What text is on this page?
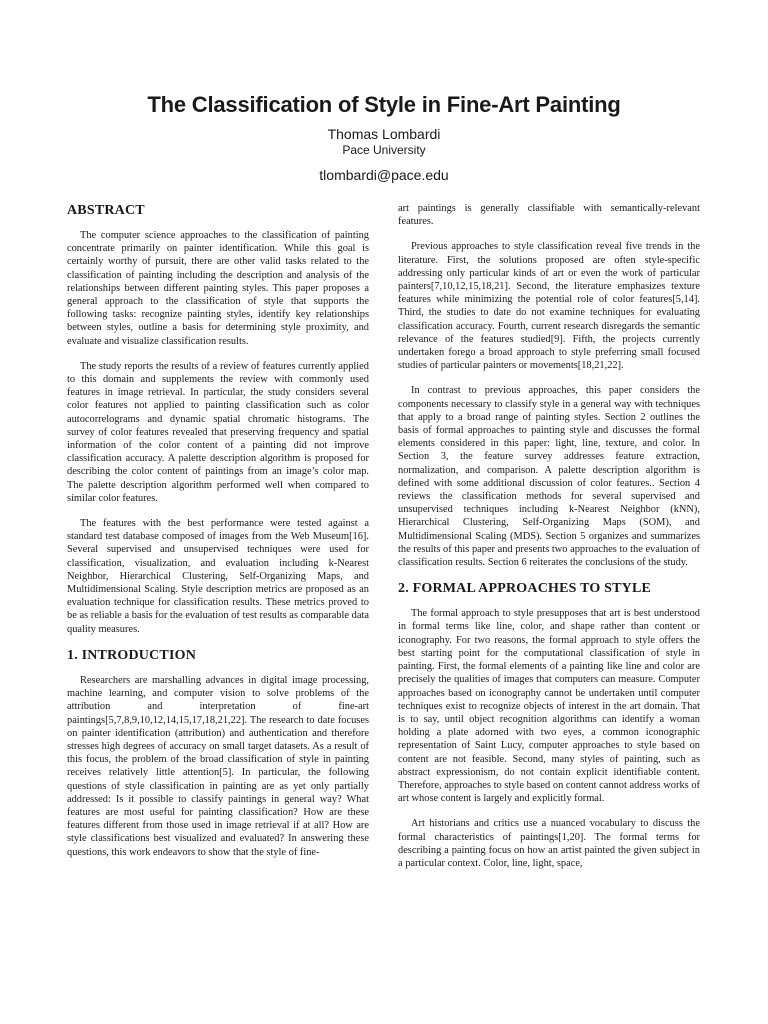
The Classification of Style in Fine-Art Painting
Thomas Lombardi
Pace University
tlombardi@pace.edu
ABSTRACT

The computer science approaches to the classification of painting concentrate primarily on painter identification. While this goal is certainly worthy of pursuit, there are other valid tasks related to the classification of painting including the description and analysis of the relationships between different painting styles. This paper proposes a general approach to the classification of style that supports the following tasks: recognize painting styles, identify key relationships between styles, outline a basis for determining style proximity, and evaluate and visualize classification results.

The study reports the results of a review of features currently applied to this domain and supplements the review with commonly used features in image retrieval. In particular, the study considers several color features not applied to painting classification such as color autocorrelograms and dynamic spatial chromatic histograms. The survey of color features revealed that preserving frequency and spatial information of the color content of a painting did not improve classification accuracy. A palette description algorithm is proposed for describing the color content of paintings from an image’s color map. The palette description algorithm performed well when compared to similar color features.

The features with the best performance were tested against a standard test database composed of images from the Web Museum[16]. Several supervised and unsupervised techniques were used for classification, visualization, and evaluation including k-Nearest Neighbor, Hierarchical Clustering, Self-Organizing Maps, and Multidimensional Scaling. Style description metrics are proposed as an evaluation technique for classification results. These metrics proved to be as reliable a basis for the evaluation of test results as comparable data quality measures.

1. INTRODUCTION

Researchers are marshalling advances in digital image processing, machine learning, and computer vision to solve problems of the attribution and interpretation of fine-art paintings[5,7,8,9,10,12,14,15,17,18,21,22]. The research to date focuses on painter identification (attribution) and authentication and therefore stresses high degrees of accuracy on small target datasets. As a result of this focus, the problem of the broad classification of style in painting receives relatively little attention[5]. In particular, the following questions of style classification in painting are as yet only partially addressed: Is it possible to classify paintings in general way? What features are most useful for painting classification? How are these features different from those used in image retrieval if at all? How are style classifications best visualized and evaluated? In answering these questions, this work endeavors to show that the style of fine-

art paintings is generally classifiable with semantically-relevant features.

Previous approaches to style classification reveal five trends in the literature. First, the solutions proposed are often style-specific addressing only particular kinds of art or even the work of particular painters[7,10,12,15,18,21]. Second, the literature emphasizes texture features while minimizing the potential role of color features[5,14]. Third, the studies to date do not examine techniques for evaluating classification accuracy. Fourth, current research disregards the semantic relevance of the features studied[9]. Fifth, the projects currently undertaken forego a broad approach to style preferring small focused studies of particular painters or movements[18,21,22].

In contrast to previous approaches, this paper considers the components necessary to classify style in a general way with techniques that apply to a broad range of painting styles. Section 2 outlines the basis of formal approaches to painting style and discusses the formal elements considered in this paper: light, line, texture, and color. In Section 3, the feature survey addresses feature extraction, normalization, and comparison. A palette description algorithm is defined with some additional discussion of color features.. Section 4 reviews the classification methods for several supervised and unsupervised techniques including k-Nearest Neighbor (kNN), Hierarchical Clustering, Self-Organizing Maps (SOM), and Multidimensional Scaling (MDS). Section 5 organizes and summarizes the results of this paper and presents two approaches to the evaluation of classification results. Section 6 reiterates the conclusions of the study.

2. FORMAL APPROACHES TO STYLE

The formal approach to style presupposes that art is best understood in formal terms like line, color, and shape rather than content or iconography. For two reasons, the formal approach to style offers the best starting point for the computational classification of style in painting. First, the formal elements of a painting like line and color are precisely the qualities of images that computers can measure. Computer approaches based on iconography cannot be undertaken until computer techniques exist to recognize objects of interest in the art domain. That is to say, until object recognition algorithms can identify a woman holding a plate adorned with two eyes, a common iconographic representation of Saint Lucy, computer approaches to style based on content are not feasible. Second, many styles of painting, such as abstract expressionism, do not contain explicit identifiable content. Therefore, approaches to style based on content cannot address works of art whose content is largely and explicitly formal.

Art historians and critics use a nuanced vocabulary to discuss the formal characteristics of paintings[1,20]. The formal terms for describing a painting focus on how an artist painted the given subject in a particular context. Color, line, light, space,
